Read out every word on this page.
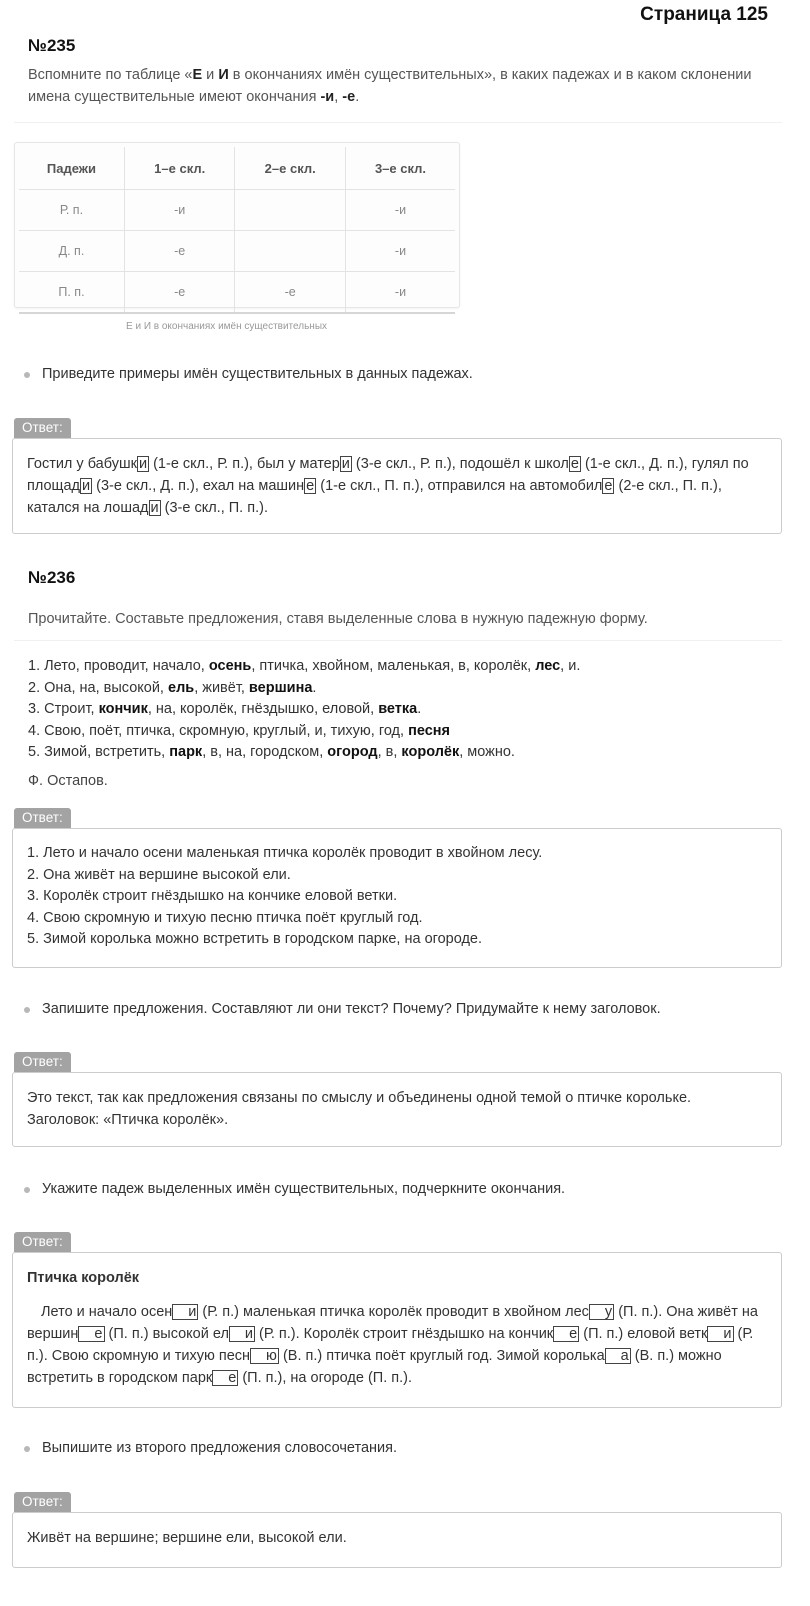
Страница 125
№235
Вспомните по таблице «Е и И в окончаниях имён существительных», в каких падежах и в каком склонении имена существительные имеют окончания -и, -е.
Падежи	1–е скл.	2–е скл.	3–е скл.
Р. п.	-и		-и
Д. п.	-е		-и
П. п.	-е	-е	-и
Е и И в окончаниях имён существительных
Приведите примеры имён существительных в данных падежах.
Ответ:

Гостил у бабушк и (1-е скл., Р. п.), был у матер и (3-е скл., Р. п.), подошёл к школ е (1-е скл., Д. п.), гулял по площад и (3-е скл., Д. п.), ехал на машин е (1-е скл., П. п.), отправился на автомобил е (2-е скл., П. п.), катался на лошад и (3-е скл., П. п.).

№236
Прочитайте. Составьте предложения, ставя выделенные слова в нужную падежную форму.
1. Лето, проводит, начало, осень, птичка, хвойном, маленькая, в, королёк, лес, и.
2. Она, на, высокой, ель, живёт, вершина.
3. Строит, кончик, на, королёк, гнёздышко, еловой, ветка.
4. Свою, поёт, птичка, скромную, круглый, и, тихую, год, песня
5. Зимой, встретить, парк, в, на, городском, огород, в, королёк, можно.
Ф. Остапов.
Ответ:

1. Лето и начало осени маленькая птичка королёк проводит в хвойном лесу.

2. Она живёт на вершине высокой ели.

3. Королёк строит гнёздышко на кончике еловой ветки.

4. Свою скромную и тихую песню птичка поёт круглый год.

5. Зимой королька можно встретить в городском парке, на огороде.

Запишите предложения. Составляют ли они текст? Почему? Придумайте к нему заголовок.
Ответ:

Это текст, так как предложения связаны по смыслу и объединены одной темой о птичке корольке.

Заголовок: «Птичка королёк».

Укажите падеж выделенных имён существительных, подчеркните окончания.
Ответ:

Птичка королёк

Лето и начало осен и (Р. п.) маленькая птичка королёк проводит в хвойном лес у (П. п.). Она живёт на вершин е (П. п.) высокой ел и (Р. п.). Королёк строит гнёздышко на кончик е (П. п.) еловой ветк и (Р. п.). Свою скромную и тихую песн ю (В. п.) птичка поёт круглый год. Зимой королька а (В. п.) можно встретить в городском парк е (П. п.), на огороде (П. п.).

Выпишите из второго предложения словосочетания.
Ответ:

Живёт на вершине; вершине ели, высокой ели.
